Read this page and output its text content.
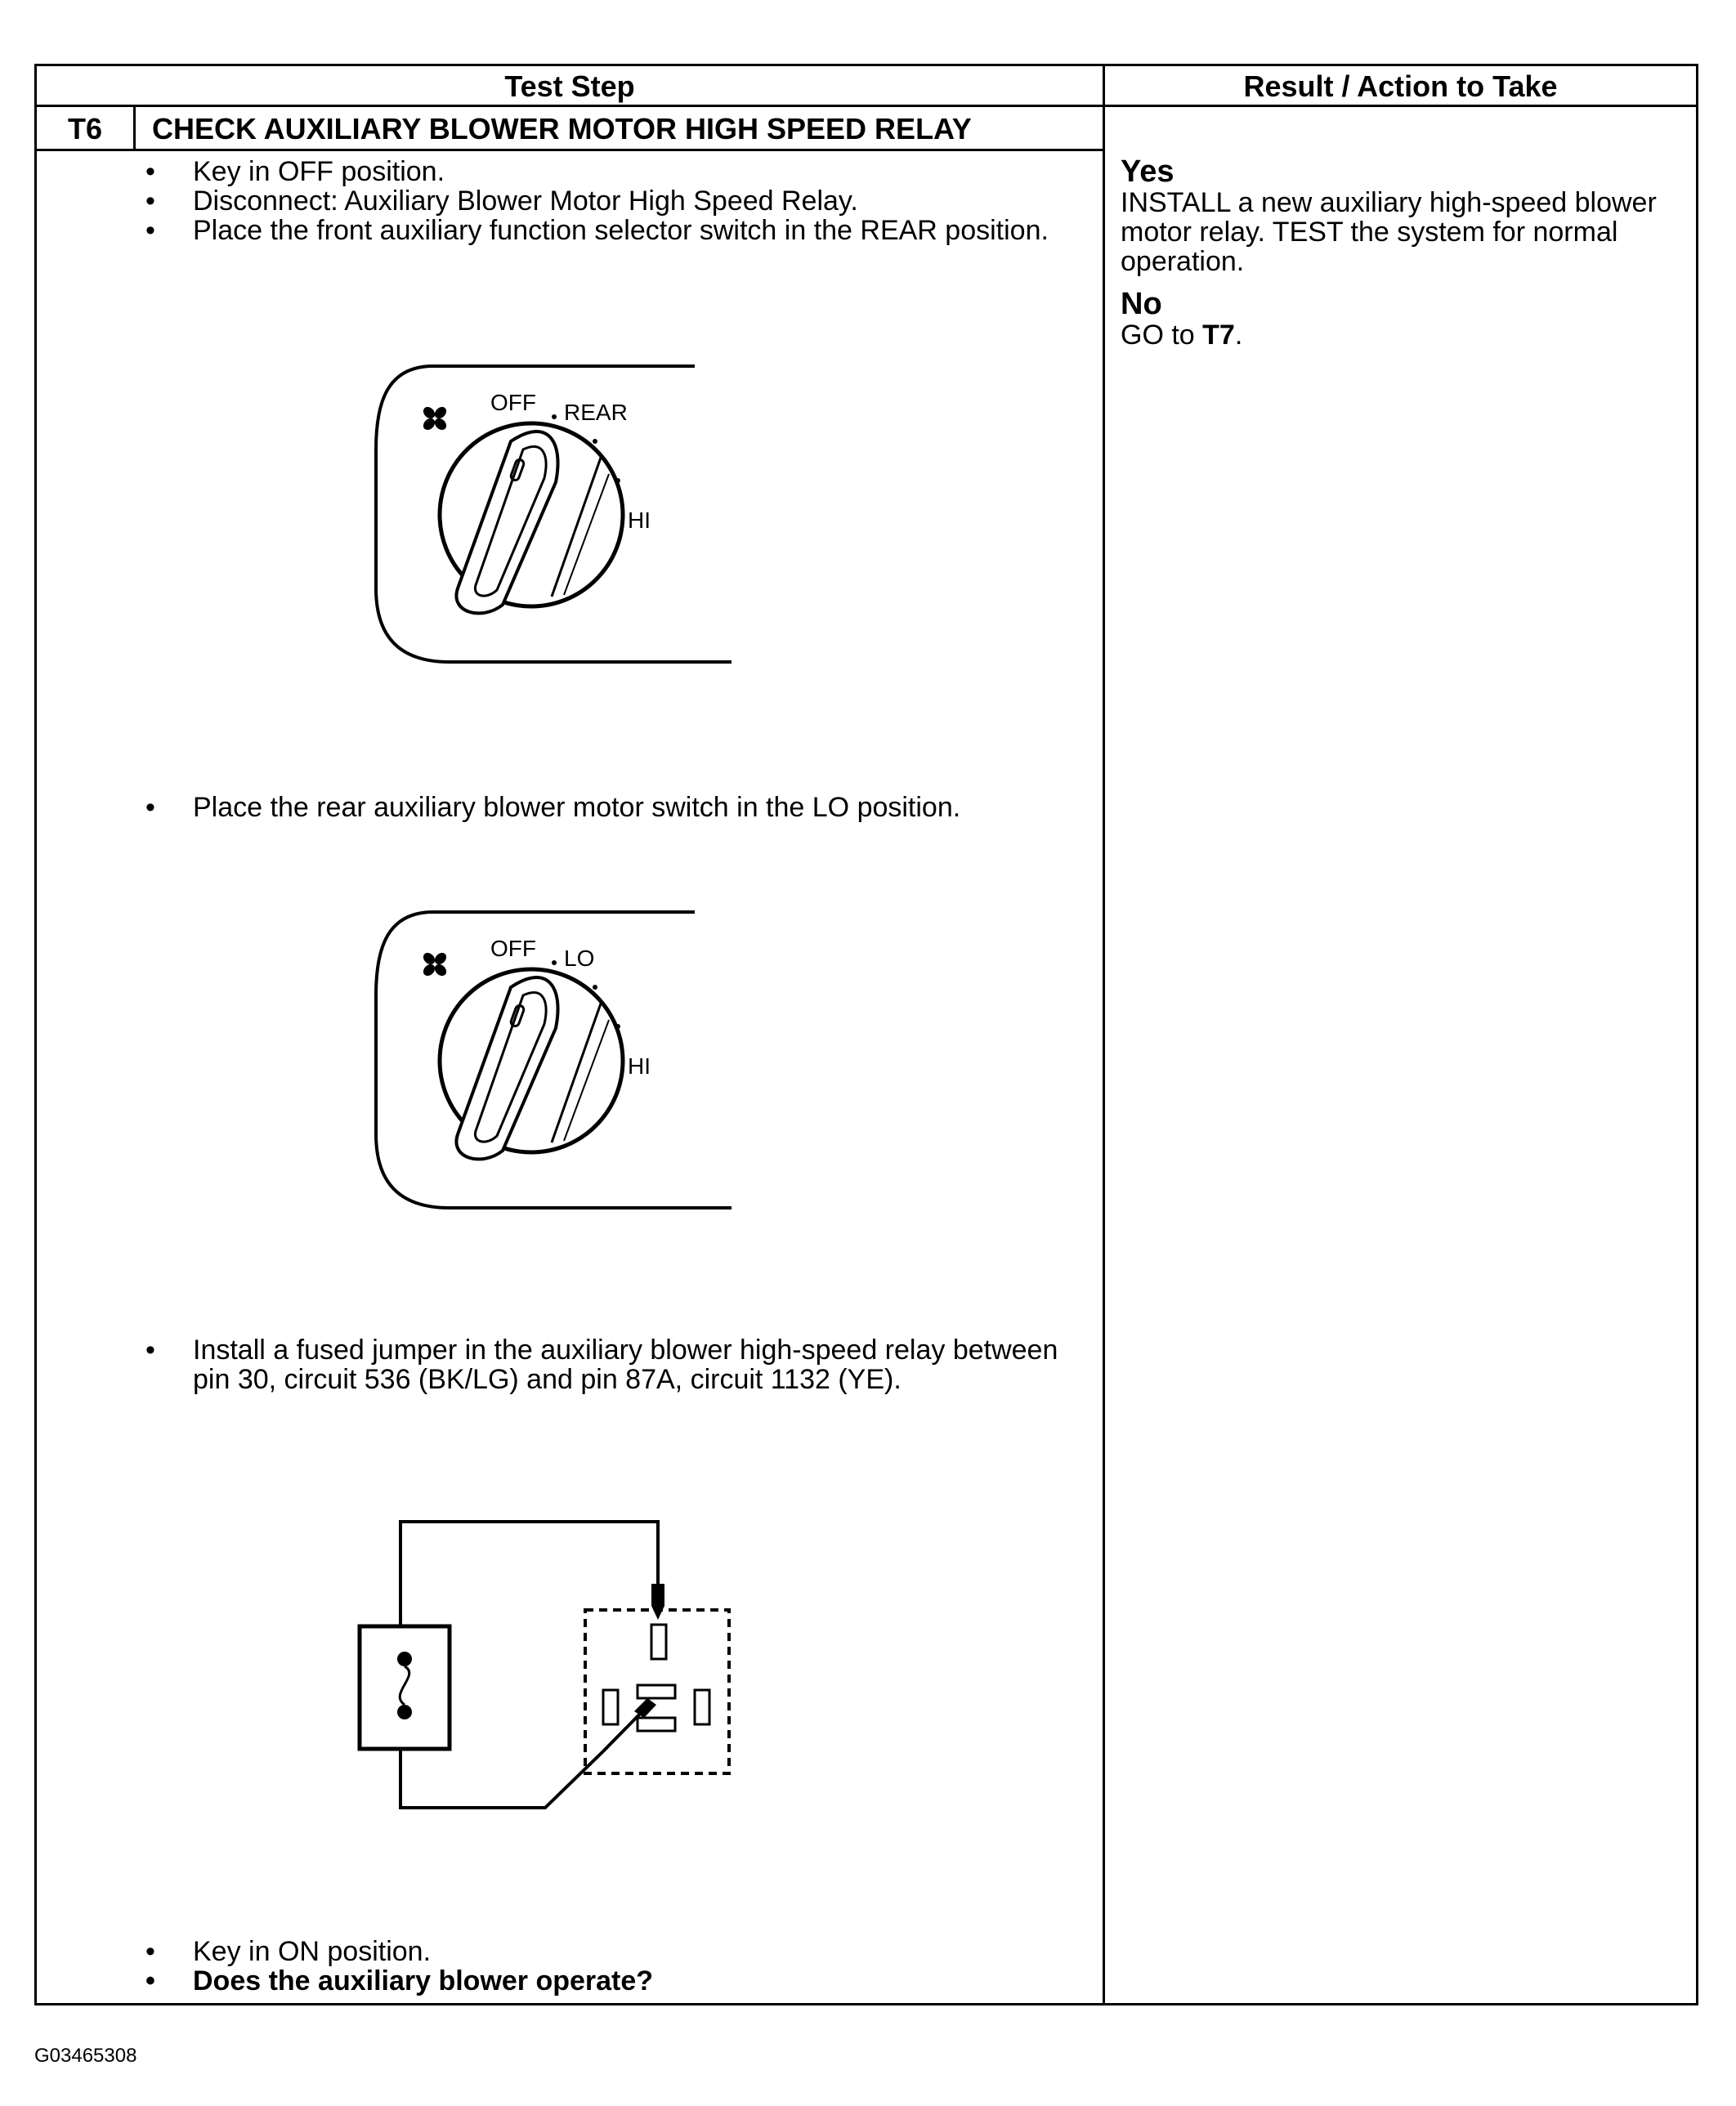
Test Step	Result / Action to Take
T6	CHECK AUXILIARY BLOWER MOTOR HIGH SPEED RELAY
• Key in OFF position.
• Disconnect: Auxiliary Blower Motor High Speed Relay.
• Place the front auxiliary function selector switch in the REAR position.
OFF REAR
HI
• Place the rear auxiliary blower motor switch in the LO position.
OFF LO
HI
• Install a fused jumper in the auxiliary blower high-speed relay between pin 30, circuit 536 (BK/LG) and pin 87A, circuit 1132 (YE).
• Key in ON position.
• Does the auxiliary blower operate?
Yes
INSTALL a new auxiliary high-speed blower motor relay. TEST the system for normal operation.
No
GO to T7.
G03465308
